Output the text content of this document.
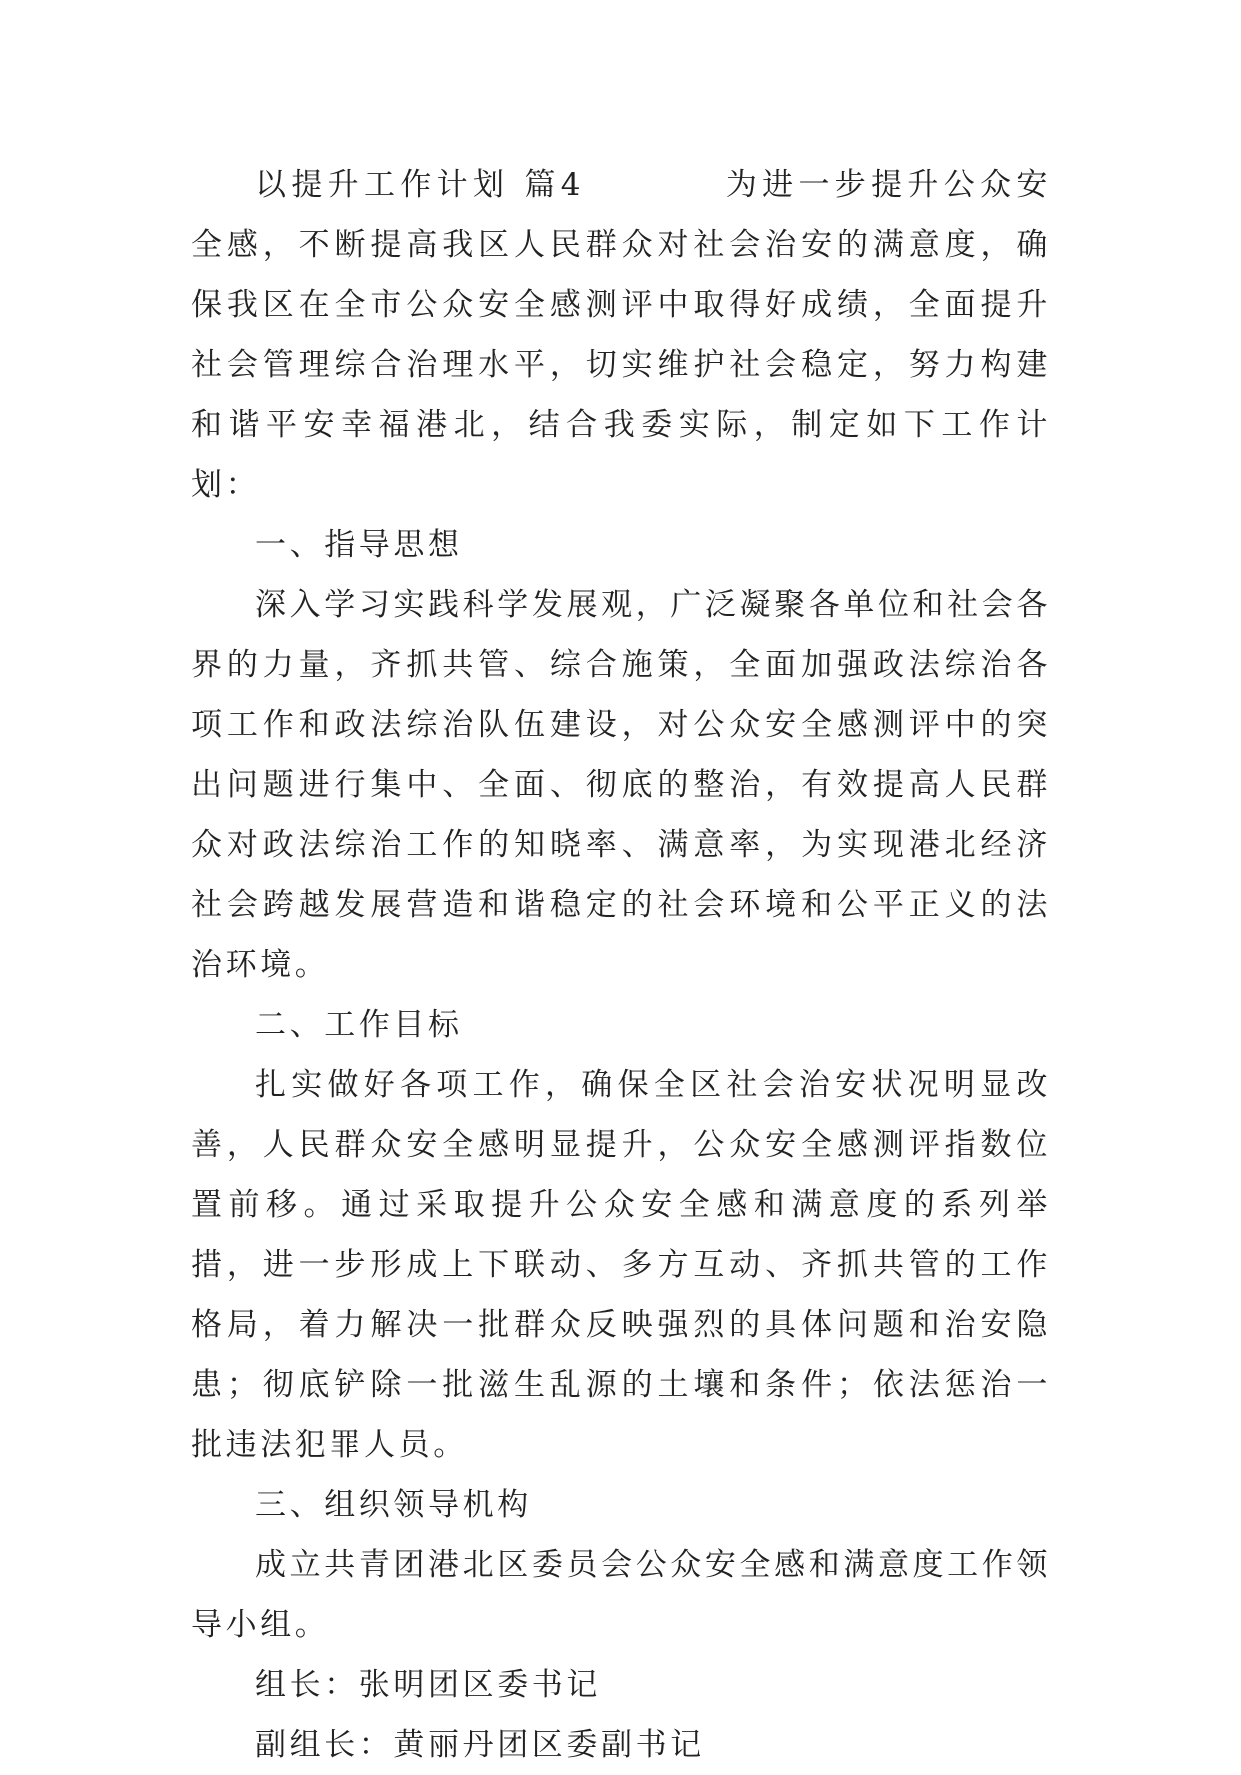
以提升工作计划 篇4	为进一步提升公众安全感，不断提高我区人民群众对社会治安的满意度，确保我区在全市公众安全感测评中取得好成绩，全面提升社会管理综合治理水平，切实维护社会稳定，努力构建和谐平安幸福港北，结合我委实际，制定如下工作计划：

一、指导思想

深入学习实践科学发展观，广泛凝聚各单位和社会各界的力量，齐抓共管、综合施策，全面加强政法综治各项工作和政法综治队伍建设，对公众安全感测评中的突出问题进行集中、全面、彻底的整治，有效提高人民群众对政法综治工作的知晓率、满意率，为实现港北经济社会跨越发展营造和谐稳定的社会环境和公平正义的法治环境。

二、工作目标

扎实做好各项工作，确保全区社会治安状况明显改善，人民群众安全感明显提升，公众安全感测评指数位置前移。通过采取提升公众安全感和满意度的系列举措，进一步形成上下联动、多方互动、齐抓共管的工作格局，着力解决一批群众反映强烈的具体问题和治安隐患；彻底铲除一批滋生乱源的土壤和条件；依法惩治一批违法犯罪人员。

三、组织领导机构

成立共青团港北区委员会公众安全感和满意度工作领导小组。

组长：张明团区委书记

副组长：黄丽丹团区委副书记
